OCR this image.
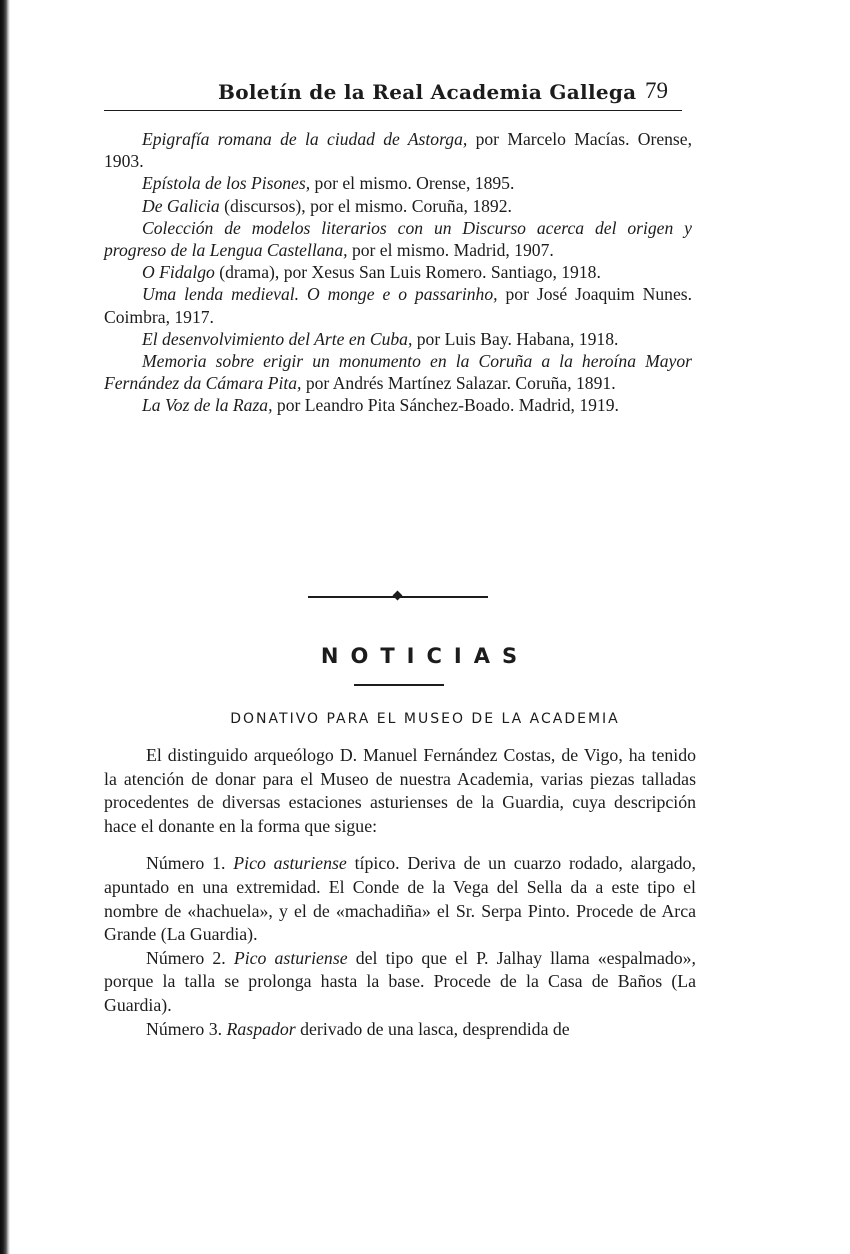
Boletín de la Real Academia Gallega 79

Epigrafía romana de la ciudad de Astorga, por Marcelo Macías. Orense, 1903.

Epístola de los Pisones, por el mismo. Orense, 1895.

De Galicia (discursos), por el mismo. Coruña, 1892.

Colección de modelos literarios con un Discurso acerca del origen y progreso de la Lengua Castellana, por el mismo. Madrid, 1907.

O Fidalgo (drama), por Xesus San Luis Romero. Santiago, 1918.

Uma lenda medieval. O monge e o passarinho, por José Joaquim Nunes. Coimbra, 1917.

El desenvolvimiento del Arte en Cuba, por Luis Bay. Habana, 1918.

Memoria sobre erigir un monumento en la Coruña a la heroína Mayor Fernández da Cámara Pita, por Andrés Martínez Salazar. Coruña, 1891.

La Voz de la Raza, por Leandro Pita Sánchez-Boado. Madrid, 1919.

NOTICIAS
DONATIVO PARA EL MUSEO DE LA ACADEMIA

El distinguido arqueólogo D. Manuel Fernández Costas, de Vigo, ha tenido la atención de donar para el Museo de nuestra Academia, varias piezas talladas procedentes de diversas estaciones asturienses de la Guardia, cuya descripción hace el donante en la forma que sigue:

Número 1. Pico asturiense típico. Deriva de un cuarzo rodado, alargado, apuntado en una extremidad. El Conde de la Vega del Sella da a este tipo el nombre de «hachuela», y el de «machadiña» el Sr. Serpa Pinto. Procede de Arca Grande (La Guardia).

Número 2. Pico asturiense del tipo que el P. Jalhay llama «espalmado», porque la talla se prolonga hasta la base. Procede de la Casa de Baños (La Guardia).

Número 3. Raspador derivado de una lasca, desprendida de
